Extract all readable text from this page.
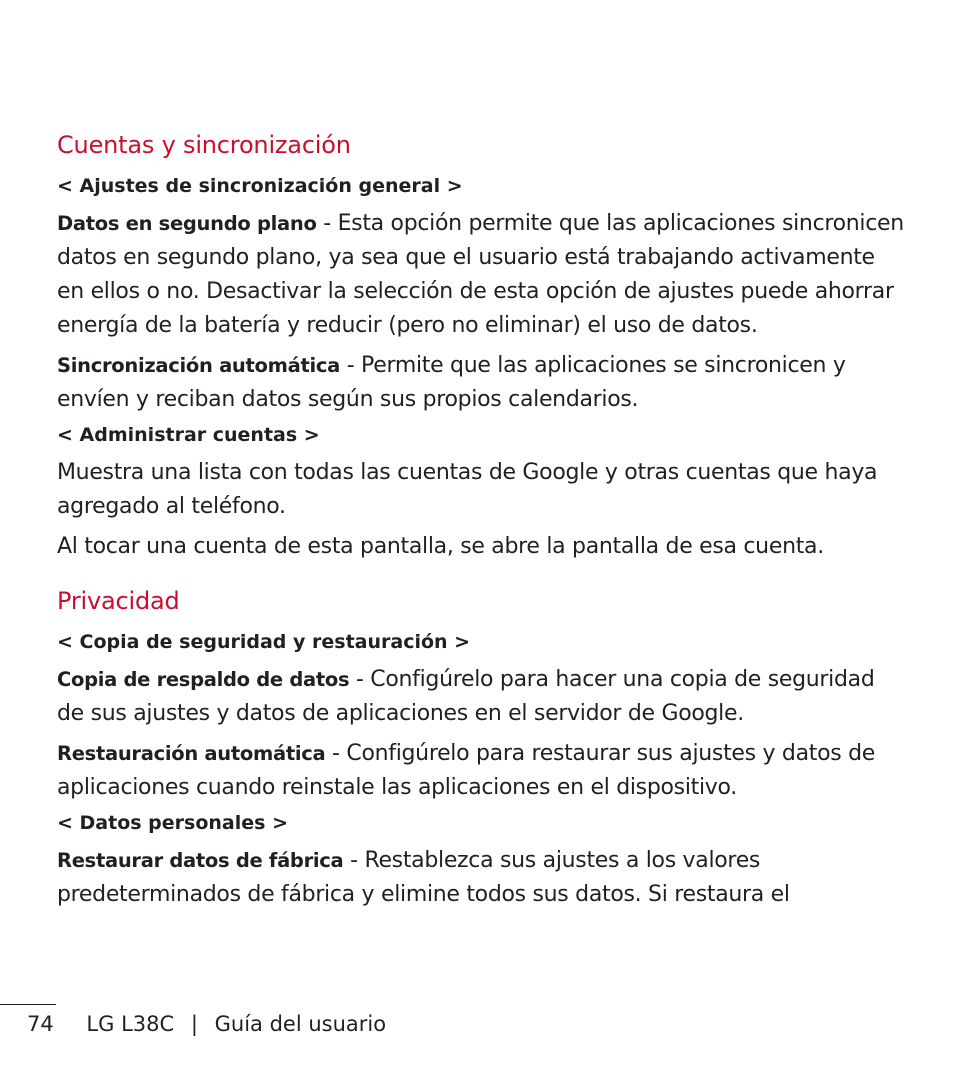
Cuentas y sincronización
< Ajustes de sincronización general >

Datos en segundo plano - Esta opción permite que las aplicaciones sincronicen datos en segundo plano, ya sea que el usuario está trabajando activamente en ellos o no. Desactivar la selección de esta opción de ajustes puede ahorrar energía de la batería y reducir (pero no eliminar) el uso de datos.

Sincronización automática - Permite que las aplicaciones se sincronicen y envíen y reciban datos según sus propios calendarios.

< Administrar cuentas >

Muestra una lista con todas las cuentas de Google y otras cuentas que haya agregado al teléfono.

Al tocar una cuenta de esta pantalla, se abre la pantalla de esa cuenta.

Privacidad
< Copia de seguridad y restauración >

Copia de respaldo de datos - Configúrelo para hacer una copia de seguridad de sus ajustes y datos de aplicaciones en el servidor de Google.

Restauración automática - Configúrelo para restaurar sus ajustes y datos de aplicaciones cuando reinstale las aplicaciones en el dispositivo.

< Datos personales >

Restaurar datos de fábrica - Restablezca sus ajustes a los valores predeterminados de fábrica y elimine todos sus datos. Si restaura el

74 LG L38C | Guía del usuario
